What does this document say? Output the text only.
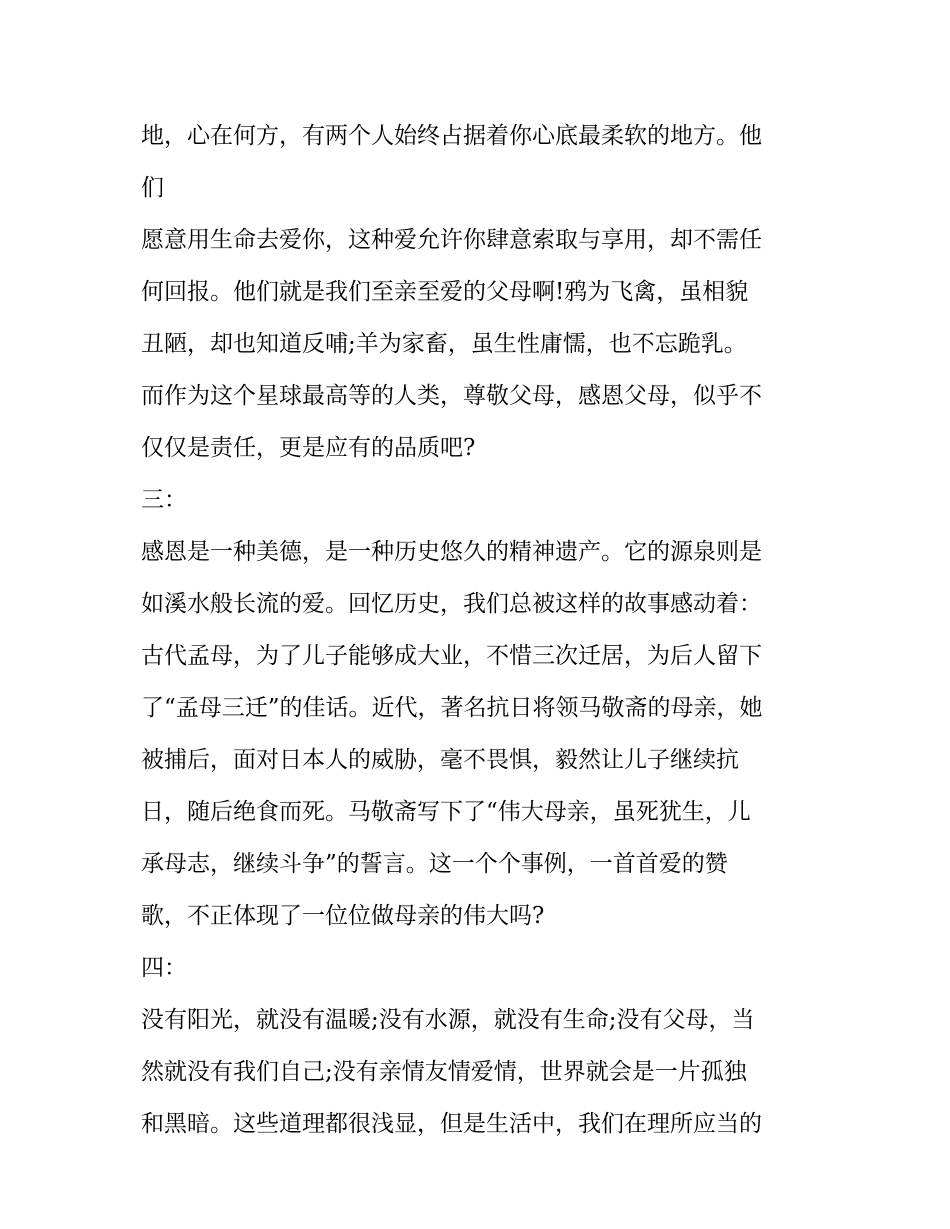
地，心在何方，有两个人始终占据着你心底最柔软的地方。他
们
愿意用生命去爱你，这种爱允许你肆意索取与享用，却不需任
何回报。他们就是我们至亲至爱的父母啊!鸦为飞禽，虽相貌
丑陋，却也知道反哺;羊为家畜，虽生性庸懦，也不忘跪乳。
而作为这个星球最高等的人类，尊敬父母，感恩父母，似乎不
仅仅是责任，更是应有的品质吧?
三：
感恩是一种美德，是一种历史悠久的精神遗产。它的源泉则是
如溪水般长流的爱。回忆历史，我们总被这样的故事感动着：
古代孟母，为了儿子能够成大业，不惜三次迁居，为后人留下
了“孟母三迁”的佳话。近代，著名抗日将领马敬斋的母亲，她
被捕后，面对日本人的威胁，毫不畏惧，毅然让儿子继续抗
日，随后绝食而死。马敬斋写下了“伟大母亲，虽死犹生，儿
承母志，继续斗争”的誓言。这一个个事例，一首首爱的赞
歌，不正体现了一位位做母亲的伟大吗?
四：
没有阳光，就没有温暖;没有水源，就没有生命;没有父母，当
然就没有我们自己;没有亲情友情爱情，世界就会是一片孤独
和黑暗。这些道理都很浅显，但是生活中，我们在理所应当的
